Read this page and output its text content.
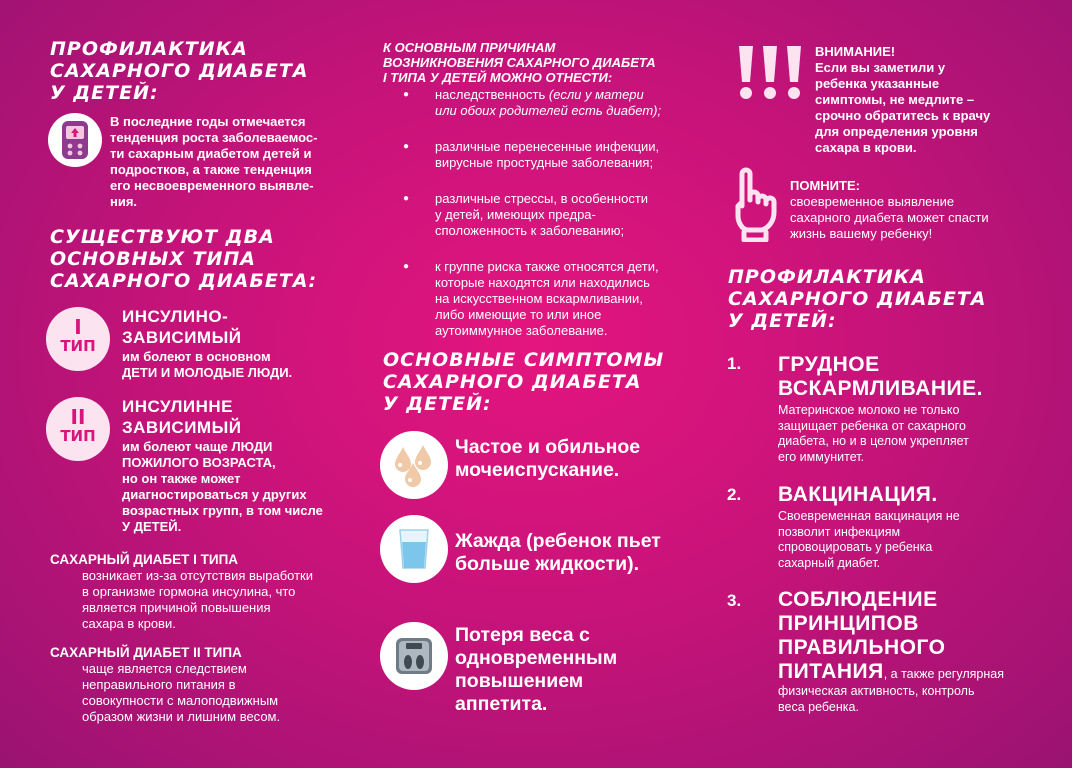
ПРОФИЛАКТИКА
САХАРНОГО ДИАБЕТА
У ДЕТЕЙ:
В последние годы отмечается
тенденция роста заболеваемос-
ти сахарным диабетом детей и
подростков, а также тенденция
его несвоевременного выявле-
ния.
СУЩЕСТВУЮТ ДВА
ОСНОВНЫХ ТИПА
САХАРНОГО ДИАБЕТА:
I
ТИП
ИНСУЛИНО-
ЗАВИСИМЫЙ
им болеют в основном
ДЕТИ И МОЛОДЫЕ ЛЮДИ.
II
ТИП
ИНСУЛИННЕ
ЗАВИСИМЫЙ
им болеют чаще ЛЮДИ
ПОЖИЛОГО ВОЗРАСТА,
но он также может
диагностироваться у других
возрастных групп, в том числе
У ДЕТЕЙ.
САХАРНЫЙ ДИАБЕТ I ТИПА
возникает из-за отсутствия выработки
в организме гормона инсулина, что
является причиной повышения
сахара в крови.
САХАРНЫЙ ДИАБЕТ II ТИПА
чаще является следствием
неправильного питания в
совокупности с малоподвижным
образом жизни и лишним весом.
К ОСНОВНЫМ ПРИЧИНАМ
ВОЗНИКНОВЕНИЯ САХАРНОГО ДИАБЕТА
I ТИПА У ДЕТЕЙ МОЖНО ОТНЕСТИ:
● наследственность (если у матери
или обоих родителей есть диабет);
● различные перенесенные инфекции,
вирусные простудные заболевания;
● различные стрессы, в особенности
у детей, имеющих предра-
сположенность к заболеванию;
● к группе риска также относятся дети,
которые находятся или находились
на искусственном вскармливании,
либо имеющие то или иное
аутоиммунное заболевание.
ОСНОВНЫЕ СИМПТОМЫ
САХАРНОГО ДИАБЕТА
У ДЕТЕЙ:
Частое и обильное
мочеиспускание.
Жажда (ребенок пьет
больше жидкости).
Потеря веса с
одновременным
повышением
аппетита.
ВНИМАНИЕ!
Если вы заметили у
ребенка указанные
симптомы, не медлите –
срочно обратитесь к врачу
для определения уровня
сахара в крови.
ПОМНИТЕ:
своевременное выявление
сахарного диабета может спасти
жизнь вашему ребенку!
ПРОФИЛАКТИКА
САХАРНОГО ДИАБЕТА
У ДЕТЕЙ:
1. ГРУДНОЕ
ВСКАРМЛИВАНИЕ.
Материнское молоко не только
защищает ребенка от сахарного
диабета, но и в целом укрепляет
его иммунитет.
2. ВАКЦИНАЦИЯ.
Своевременная вакцинация не
позволит инфекциям
спровоцировать у ребенка
сахарный диабет.
3. СОБЛЮДЕНИЕ
ПРИНЦИПОВ
ПРАВИЛЬНОГО
ПИТАНИЯ, а также регулярная
физическая активность, контроль
веса ребенка.
